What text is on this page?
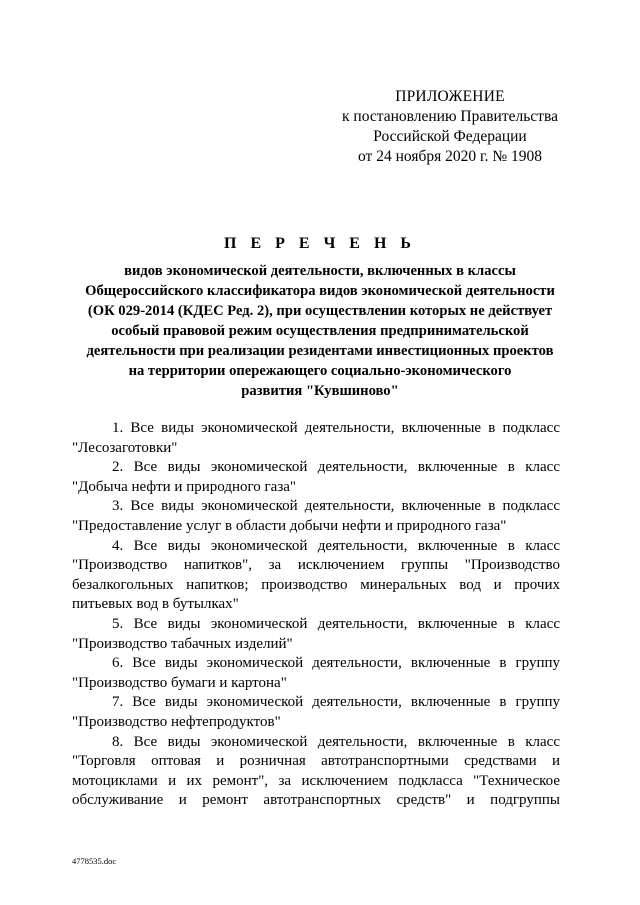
ПРИЛОЖЕНИЕ
к постановлению Правительства
Российской Федерации
от 24 ноября 2020 г. № 1908
П Е Р Е Ч Е Н Ь
видов экономической деятельности, включенных в классы
Общероссийского классификатора видов экономической деятельности
(ОК 029-2014 (КДЕС Ред. 2), при осуществлении которых не действует
особый правовой режим осуществления предпринимательской
деятельности при реализации резидентами инвестиционных проектов
на территории опережающего социально-экономического
развития "Кувшиново"
1. Все виды экономической деятельности, включенные в подкласс
"Лесозаготовки"
2. Все виды экономической деятельности, включенные в класс
"Добыча нефти и природного газа"
3. Все виды экономической деятельности, включенные в подкласс
"Предоставление услуг в области добычи нефти и природного газа"
4. Все виды экономической деятельности, включенные в класс
"Производство напитков", за исключением группы "Производство
безалкогольных напитков; производство минеральных вод и прочих
питьевых вод в бутылках"
5. Все виды экономической деятельности, включенные в класс
"Производство табачных изделий"
6. Все виды экономической деятельности, включенные в группу
"Производство бумаги и картона"
7. Все виды экономической деятельности, включенные в группу
"Производство нефтепродуктов"
8. Все виды экономической деятельности, включенные в класс
"Торговля оптовая и розничная автотранспортными средствами и
мотоциклами и их ремонт", за исключением подкласса "Техническое
обслуживание и ремонт автотранспортных средств" и подгруппы
4778535.doc
